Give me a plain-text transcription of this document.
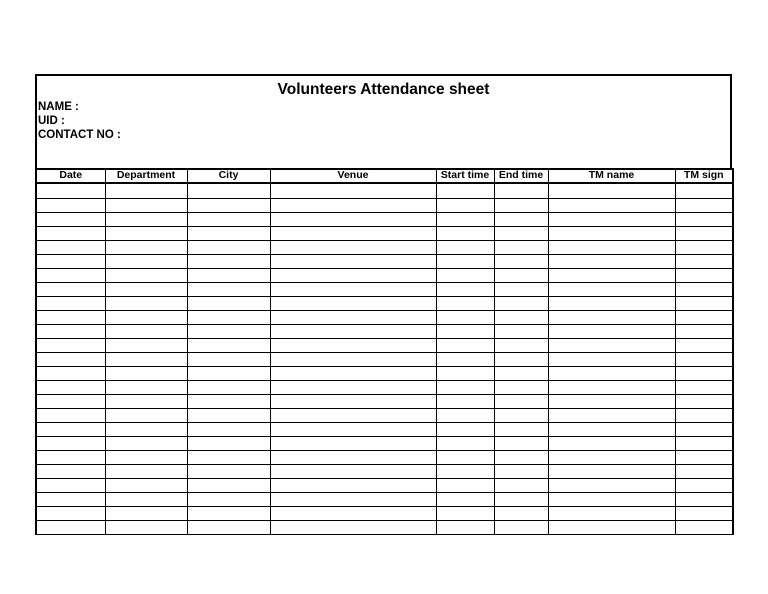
Volunteers Attendance sheet
NAME :
UID :
CONTACT NO :
Date	Department	City	Venue	Start time	End time	TM name	TM sign
